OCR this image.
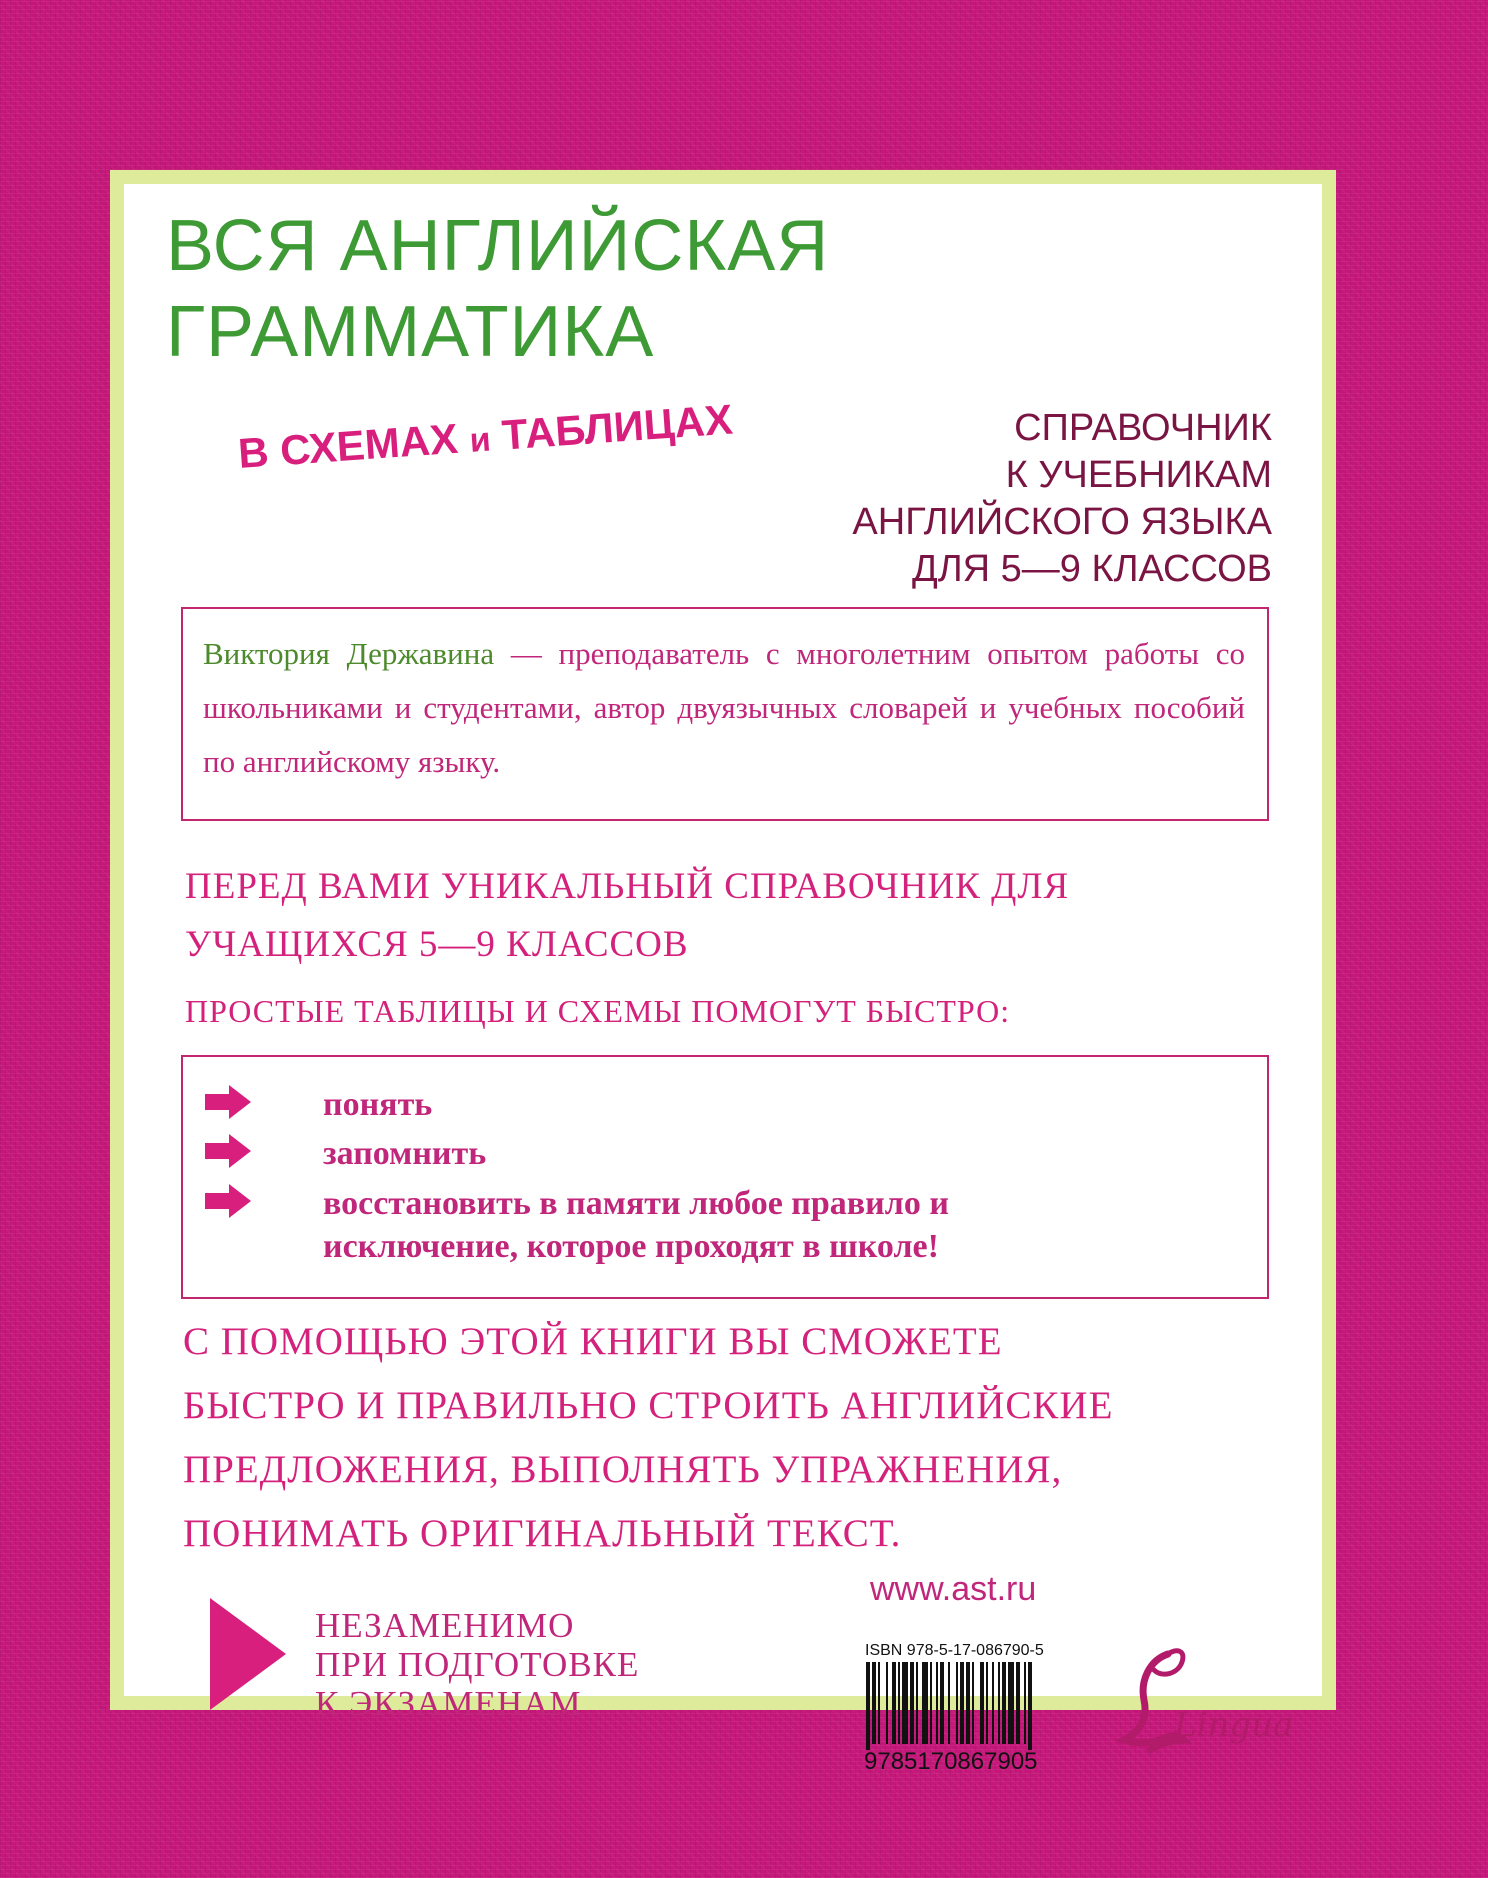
ВСЯ АНГЛИЙСКАЯ
ГРАММАТИКА
В СХЕМАХ и ТАБЛИЦАХ	СПРАВОЧНИК
К УЧЕБНИКАМ
АНГЛИЙСКОГО ЯЗЫКА
ДЛЯ 5—9 КЛАССОВ
Виктория Державина — преподаватель с многолетним опытом работы со школьниками и студентами, автор двуязычных словарей и учебных пособий по английскому языку.
ПЕРЕД ВАМИ УНИКАЛЬНЫЙ СПРАВОЧНИК ДЛЯ УЧАЩИХСЯ 5—9 КЛАССОВ
ПРОСТЫЕ ТАБЛИЦЫ И СХЕМЫ ПОМОГУТ БЫСТРО:
понять
запомнить
восстановить в памяти любое правило и
исключение, которое проходят в школе!
С ПОМОЩЬЮ ЭТОЙ КНИГИ ВЫ СМОЖЕТЕ
БЫСТРО И ПРАВИЛЬНО СТРОИТЬ АНГЛИЙСКИЕ
ПРЕДЛОЖЕНИЯ, ВЫПОЛНЯТЬ УПРАЖНЕНИЯ,
ПОНИМАТЬ ОРИГИНАЛЬНЫЙ ТЕКСТ.
НЕЗАМЕНИМО
ПРИ ПОДГОТОВКЕ
К ЭКЗАМЕНАМ
www.ast.ru
ISBN 978-5-17-086790-5
9785170867905
Lingua
